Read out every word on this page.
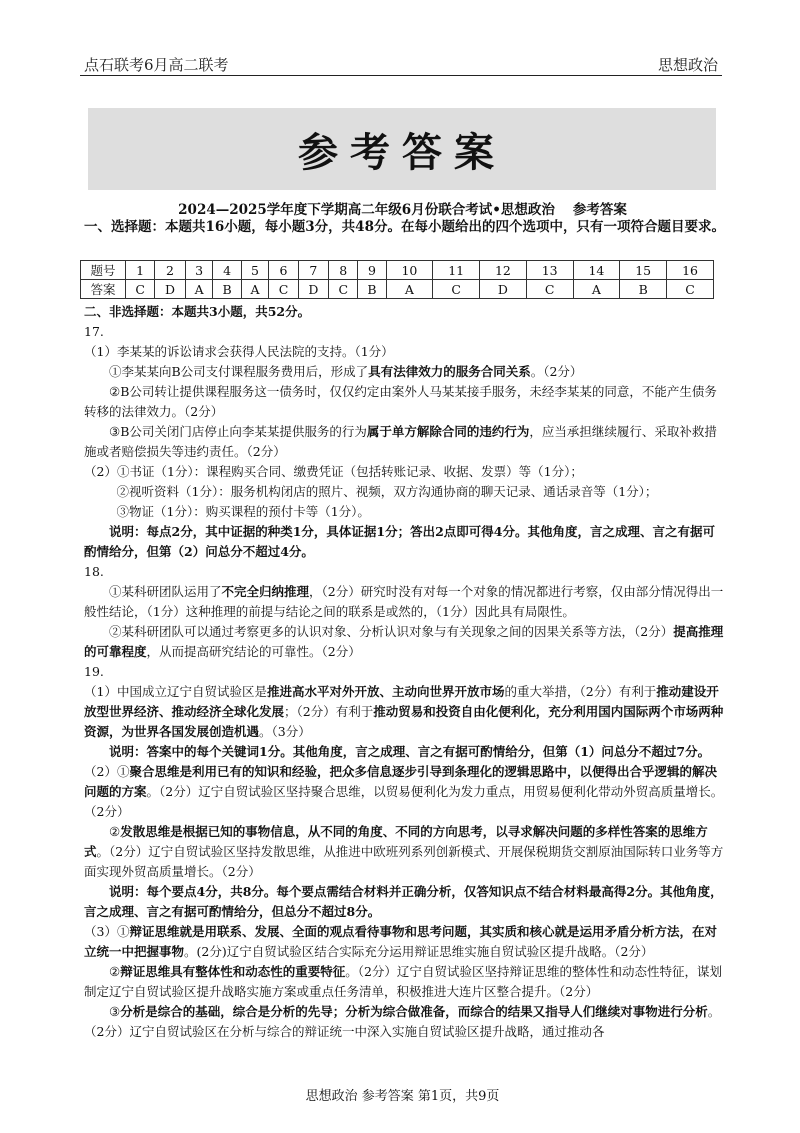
点石联考6月高二联考	思想政治
参考答案
2024—2025学年度下学期高二年级6月份联合考试•思想政治 参考答案
一、选择题：本题共16小题，每小题3分，共48分。在每小题给出的四个选项中，只有一项符合题目要求。
题号	1	2	3	4	5	6	7	8	9	10	11	12	13	14	15	16
答案	C	D	A	B	A	C	D	C	B	A	C	D	C	A	B	C

二、非选择题：本题共3小题，共52分。

17.

（1）李某某的诉讼请求会获得人民法院的支持。（1分）

①李某某向B公司支付课程服务费用后，形成了具有法律效力的服务合同关系。（2分）

②B公司转让提供课程服务这一债务时，仅仅约定由案外人马某某接手服务，未经李某某的同意，不能产生债务转移的法律效力。（2分）

③B公司关闭门店停止向李某某提供服务的行为属于单方解除合同的违约行为，应当承担继续履行、采取补救措施或者赔偿损失等违约责任。（2分）

（2）①书证（1分）：课程购买合同、缴费凭证（包括转账记录、收据、发票）等（1分）；

②视听资料（1分）：服务机构闭店的照片、视频，双方沟通协商的聊天记录、通话录音等（1分）；

③物证（1分）：购买课程的预付卡等（1分）。

说明：每点2分，其中证据的种类1分，具体证据1分；答出2点即可得4分。其他角度，言之成理、言之有据可酌情给分，但第（2）问总分不超过4分。

18.

①某科研团队运用了不完全归纳推理，（2分）研究时没有对每一个对象的情况都进行考察，仅由部分情况得出一般性结论，（1分）这种推理的前提与结论之间的联系是或然的，（1分）因此具有局限性。

②某科研团队可以通过考察更多的认识对象、分析认识对象与有关现象之间的因果关系等方法，（2分）提高推理的可靠程度，从而提高研究结论的可靠性。（2分）

19.

（1）中国成立辽宁自贸试验区是推进高水平对外开放、主动向世界开放市场的重大举措，（2分）有利于推动建设开放型世界经济、推动经济全球化发展；（2分）有利于推动贸易和投资自由化便利化，充分利用国内国际两个市场两种资源，为世界各国发展创造机遇。（3分）

说明：答案中的每个关键词1分。其他角度，言之成理、言之有据可酌情给分，但第（1）问总分不超过7分。

（2）①聚合思维是利用已有的知识和经验，把众多信息逐步引导到条理化的逻辑思路中，以便得出合乎逻辑的解决问题的方案。（2分）辽宁自贸试验区坚持聚合思维，以贸易便利化为发力重点，用贸易便利化带动外贸高质量增长。（2分）

②发散思维是根据已知的事物信息，从不同的角度、不同的方向思考，以寻求解决问题的多样性答案的思维方式。（2分）辽宁自贸试验区坚持发散思维，从推进中欧班列系列创新模式、开展保税期货交割原油国际转口业务等方面实现外贸高质量增长。（2分）

说明：每个要点4分，共8分。每个要点需结合材料并正确分析，仅答知识点不结合材料最高得2分。其他角度，言之成理、言之有据可酌情给分，但总分不超过8分。

（3）①辩证思维就是用联系、发展、全面的观点看待事物和思考问题，其实质和核心就是运用矛盾分析方法，在对立统一中把握事物。(2分)辽宁自贸试验区结合实际充分运用辩证思维实施自贸试验区提升战略。（2分）

②辩证思维具有整体性和动态性的重要特征。（2分）辽宁自贸试验区坚持辩证思维的整体性和动态性特征，谋划制定辽宁自贸试验区提升战略实施方案或重点任务清单，积极推进大连片区整合提升。（2分）

③分析是综合的基础，综合是分析的先导；分析为综合做准备，而综合的结果又指导人们继续对事物进行分析。（2分）辽宁自贸试验区在分析与综合的辩证统一中深入实施自贸试验区提升战略，通过推动各

思想政治 参考答案 第1页，共9页
